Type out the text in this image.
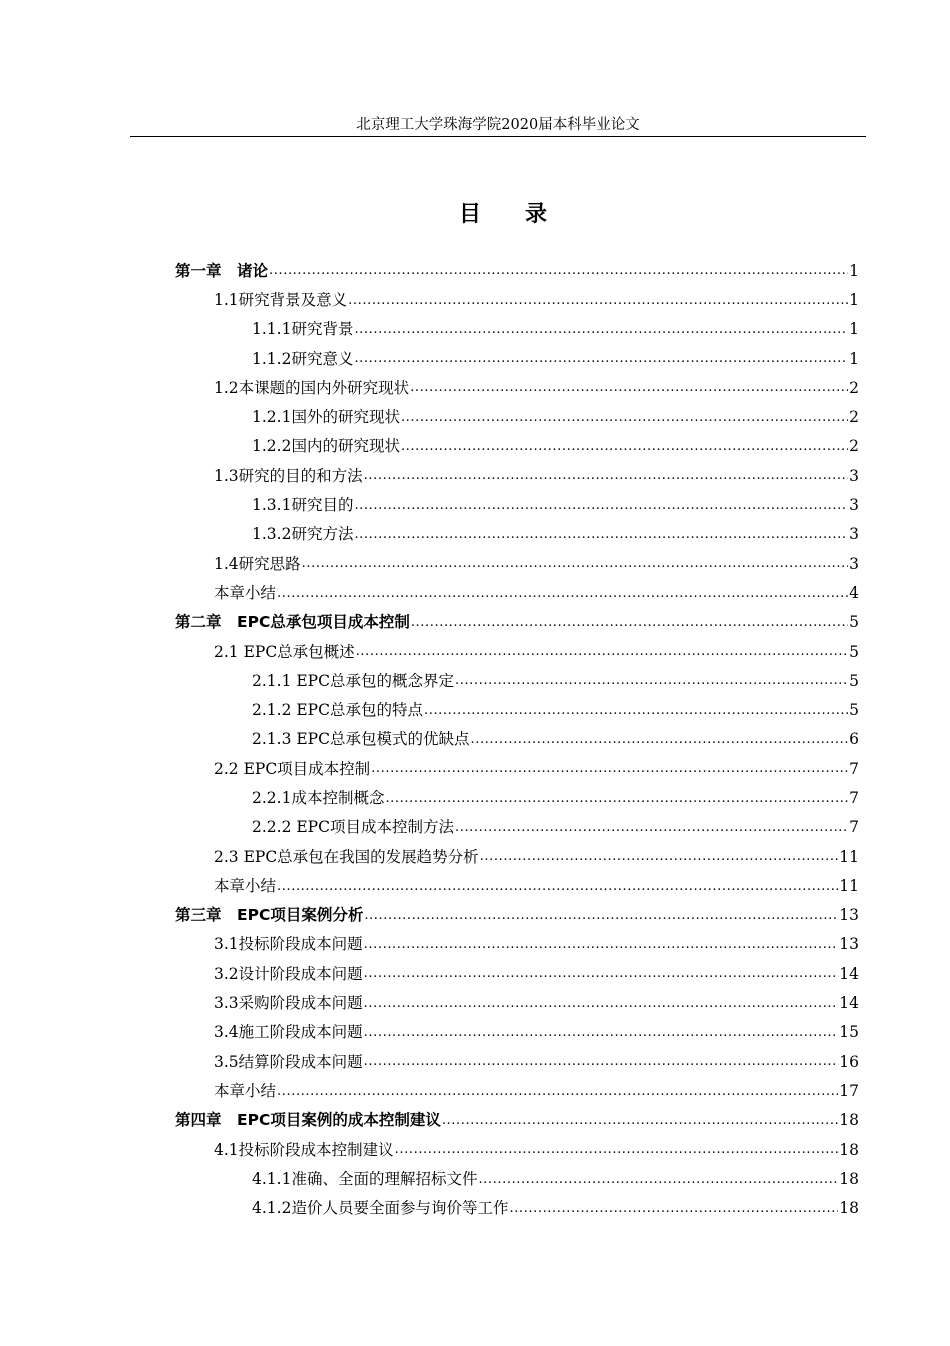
北京理工大学珠海学院2020届本科毕业论文
目录
第一章　诸论 .....	1
1.1研究背景及意义 .....	1
1.1.1研究背景 .....	1
1.1.2研究意义 .....	1
1.2本课题的国内外研究现状 .....	2
1.2.1国外的研究现状 .....	2
1.2.2国内的研究现状 .....	2
1.3研究的目的和方法 .....	3
1.3.1研究目的 .....	3
1.3.2研究方法 .....	3
1.4研究思路 .....	3
本章小结 .....	4
第二章　EPC总承包项目成本控制 .....	5
2.1 EPC总承包概述 .....	5
2.1.1 EPC总承包的概念界定 .....	5
2.1.2 EPC总承包的特点 .....	5
2.1.3 EPC总承包模式的优缺点 .....	6
2.2 EPC项目成本控制 .....	7
2.2.1成本控制概念 .....	7
2.2.2 EPC项目成本控制方法 .....	7
2.3 EPC总承包在我国的发展趋势分析 .....	11
本章小结 .....	11
第三章　EPC项目案例分析 .....	13
3.1投标阶段成本问题 .....	13
3.2设计阶段成本问题 .....	14
3.3采购阶段成本问题 .....	14
3.4施工阶段成本问题 .....	15
3.5结算阶段成本问题 .....	16
本章小结 .....	17
第四章　EPC项目案例的成本控制建议 .....	18
4.1投标阶段成本控制建议 .....	18
4.1.1准确、全面的理解招标文件 .....	18
4.1.2造价人员要全面参与询价等工作 .....	18
